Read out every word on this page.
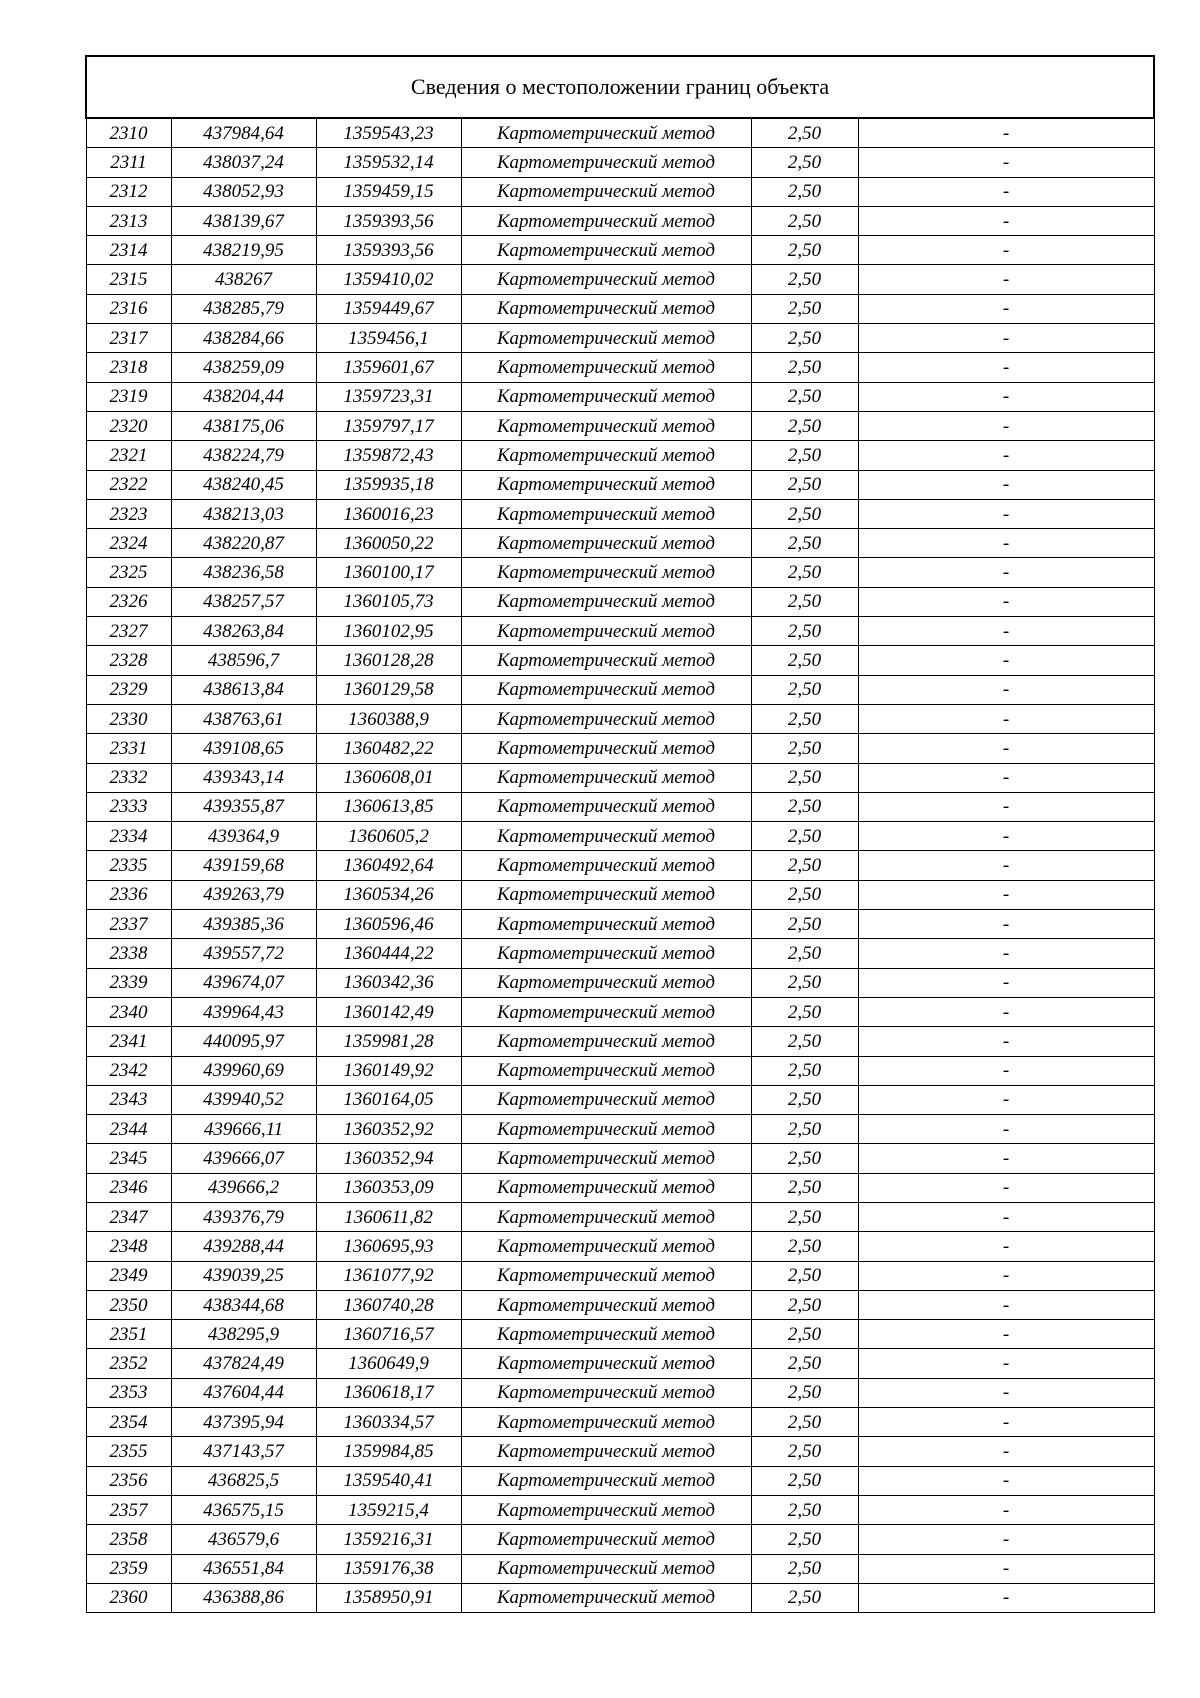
Сведения о местоположении границ объекта					
2310	437984,64	1359543,23	Картометрический метод	2,50	-
2311	438037,24	1359532,14	Картометрический метод	2,50	-
2312	438052,93	1359459,15	Картометрический метод	2,50	-
2313	438139,67	1359393,56	Картометрический метод	2,50	-
2314	438219,95	1359393,56	Картометрический метод	2,50	-
2315	438267	1359410,02	Картометрический метод	2,50	-
2316	438285,79	1359449,67	Картометрический метод	2,50	-
2317	438284,66	1359456,1	Картометрический метод	2,50	-
2318	438259,09	1359601,67	Картометрический метод	2,50	-
2319	438204,44	1359723,31	Картометрический метод	2,50	-
2320	438175,06	1359797,17	Картометрический метод	2,50	-
2321	438224,79	1359872,43	Картометрический метод	2,50	-
2322	438240,45	1359935,18	Картометрический метод	2,50	-
2323	438213,03	1360016,23	Картометрический метод	2,50	-
2324	438220,87	1360050,22	Картометрический метод	2,50	-
2325	438236,58	1360100,17	Картометрический метод	2,50	-
2326	438257,57	1360105,73	Картометрический метод	2,50	-
2327	438263,84	1360102,95	Картометрический метод	2,50	-
2328	438596,7	1360128,28	Картометрический метод	2,50	-
2329	438613,84	1360129,58	Картометрический метод	2,50	-
2330	438763,61	1360388,9	Картометрический метод	2,50	-
2331	439108,65	1360482,22	Картометрический метод	2,50	-
2332	439343,14	1360608,01	Картометрический метод	2,50	-
2333	439355,87	1360613,85	Картометрический метод	2,50	-
2334	439364,9	1360605,2	Картометрический метод	2,50	-
2335	439159,68	1360492,64	Картометрический метод	2,50	-
2336	439263,79	1360534,26	Картометрический метод	2,50	-
2337	439385,36	1360596,46	Картометрический метод	2,50	-
2338	439557,72	1360444,22	Картометрический метод	2,50	-
2339	439674,07	1360342,36	Картометрический метод	2,50	-
2340	439964,43	1360142,49	Картометрический метод	2,50	-
2341	440095,97	1359981,28	Картометрический метод	2,50	-
2342	439960,69	1360149,92	Картометрический метод	2,50	-
2343	439940,52	1360164,05	Картометрический метод	2,50	-
2344	439666,11	1360352,92	Картометрический метод	2,50	-
2345	439666,07	1360352,94	Картометрический метод	2,50	-
2346	439666,2	1360353,09	Картометрический метод	2,50	-
2347	439376,79	1360611,82	Картометрический метод	2,50	-
2348	439288,44	1360695,93	Картометрический метод	2,50	-
2349	439039,25	1361077,92	Картометрический метод	2,50	-
2350	438344,68	1360740,28	Картометрический метод	2,50	-
2351	438295,9	1360716,57	Картометрический метод	2,50	-
2352	437824,49	1360649,9	Картометрический метод	2,50	-
2353	437604,44	1360618,17	Картометрический метод	2,50	-
2354	437395,94	1360334,57	Картометрический метод	2,50	-
2355	437143,57	1359984,85	Картометрический метод	2,50	-
2356	436825,5	1359540,41	Картометрический метод	2,50	-
2357	436575,15	1359215,4	Картометрический метод	2,50	-
2358	436579,6	1359216,31	Картометрический метод	2,50	-
2359	436551,84	1359176,38	Картометрический метод	2,50	-
2360	436388,86	1358950,91	Картометрический метод	2,50	-
